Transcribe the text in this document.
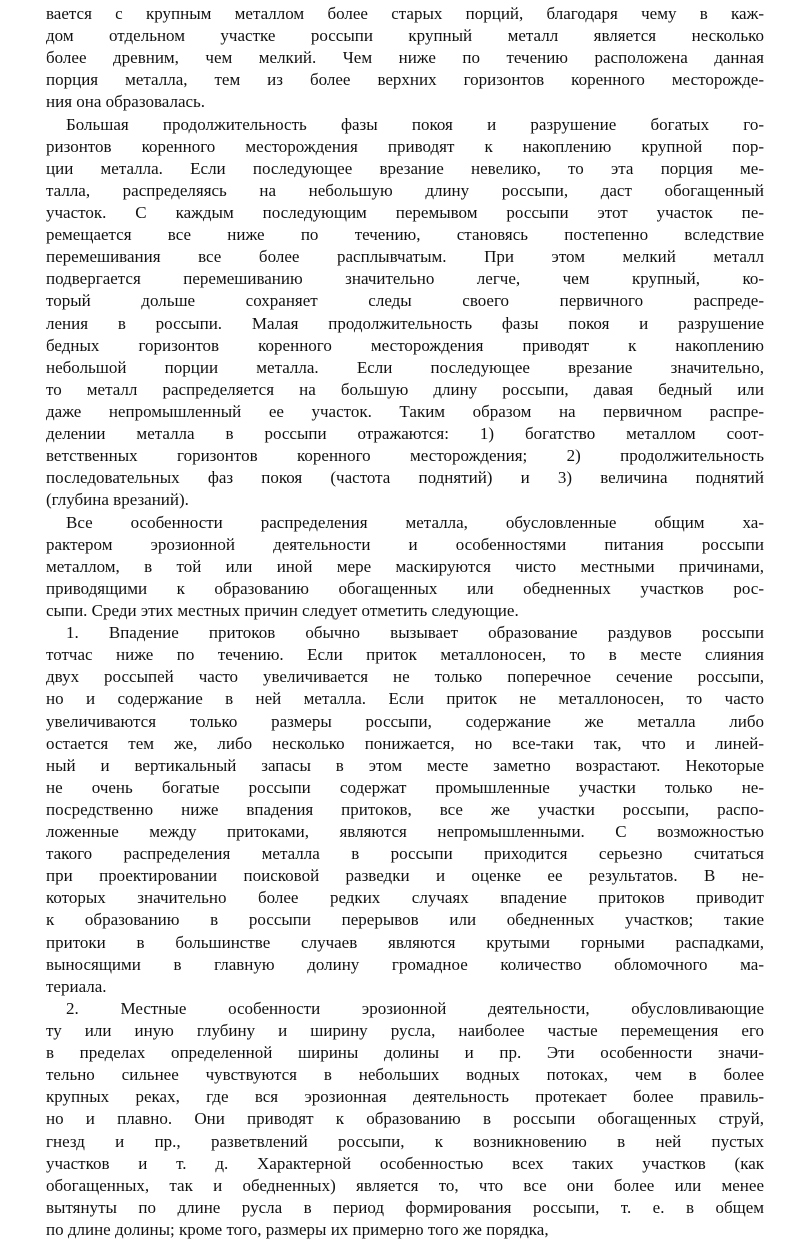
вается с крупным металлом более старых порций, благодаря чему в каж-
дом отдельном участке россыпи крупный металл является несколько
более древним, чем мелкий. Чем ниже по течению расположена данная
порция металла, тем из более верхних горизонтов коренного месторожде-
ния она образовалась.
Большая продолжительность фазы покоя и разрушение богатых го-
ризонтов коренного месторождения приводят к накоплению крупной пор-
ции металла. Если последующее врезание невелико, то эта порция ме-
талла, распределяясь на небольшую длину россыпи, даст обогащенный
участок. С каждым последующим перемывом россыпи этот участок пе-
ремещается все ниже по течению, становясь постепенно вследствие
перемешивания все более расплывчатым. При этом мелкий металл
подвергается перемешиванию значительно легче, чем крупный, ко-
торый дольше сохраняет следы своего первичного распреде-
ления в россыпи. Малая продолжительность фазы покоя и разрушение
бедных горизонтов коренного месторождения приводят к накоплению
небольшой порции металла. Если последующее врезание значительно,
то металл распределяется на большую длину россыпи, давая бедный или
даже непромышленный ее участок. Таким образом на первичном распре-
делении металла в россыпи отражаются: 1) богатство металлом соот-
ветственных горизонтов коренного месторождения; 2) продолжительность
последовательных фаз покоя (частота поднятий) и 3) величина поднятий
(глубина врезаний).
Все особенности распределения металла, обусловленные общим ха-
рактером эрозионной деятельности и особенностями питания россыпи
металлом, в той или иной мере маскируются чисто местными причинами,
приводящими к образованию обогащенных или обедненных участков рос-
сыпи. Среди этих местных причин следует отметить следующие.
1. Впадение притоков обычно вызывает образование раздувов россыпи
тотчас ниже по течению. Если приток металлоносен, то в месте слияния
двух россыпей часто увеличивается не только поперечное сечение россыпи,
но и содержание в ней металла. Если приток не металлоносен, то часто
увеличиваются только размеры россыпи, содержание же металла либо
остается тем же, либо несколько понижается, но все-таки так, что и линей-
ный и вертикальный запасы в этом месте заметно возрастают. Некоторые
не очень богатые россыпи содержат промышленные участки только не-
посредственно ниже впадения притоков, все же участки россыпи, распо-
ложенные между притоками, являются непромышленными. С возможностью
такого распределения металла в россыпи приходится серьезно считаться
при проектировании поисковой разведки и оценке ее результатов. В не-
которых значительно более редких случаях впадение притоков приводит
к образованию в россыпи перерывов или обедненных участков; такие
притоки в большинстве случаев являются крутыми горными распадками,
выносящими в главную долину громадное количество обломочного ма-
териала.
2. Местные особенности эрозионной деятельности, обусловливающие
ту или иную глубину и ширину русла, наиболее частые перемещения его
в пределах определенной ширины долины и пр. Эти особенности значи-
тельно сильнее чувствуются в небольших водных потоках, чем в более
крупных реках, где вся эрозионная деятельность протекает более правиль-
но и плавно. Они приводят к образованию в россыпи обогащенных струй,
гнезд и пр., разветвлений россыпи, к возникновению в ней пустых
участков и т. д. Характерной особенностью всех таких участков (как
обогащенных, так и обедненных) является то, что все они более или менее
вытянуты по длине русла в период формирования россыпи, т. е. в общем
по длине долины; кроме того, размеры их примерно того же порядка,
